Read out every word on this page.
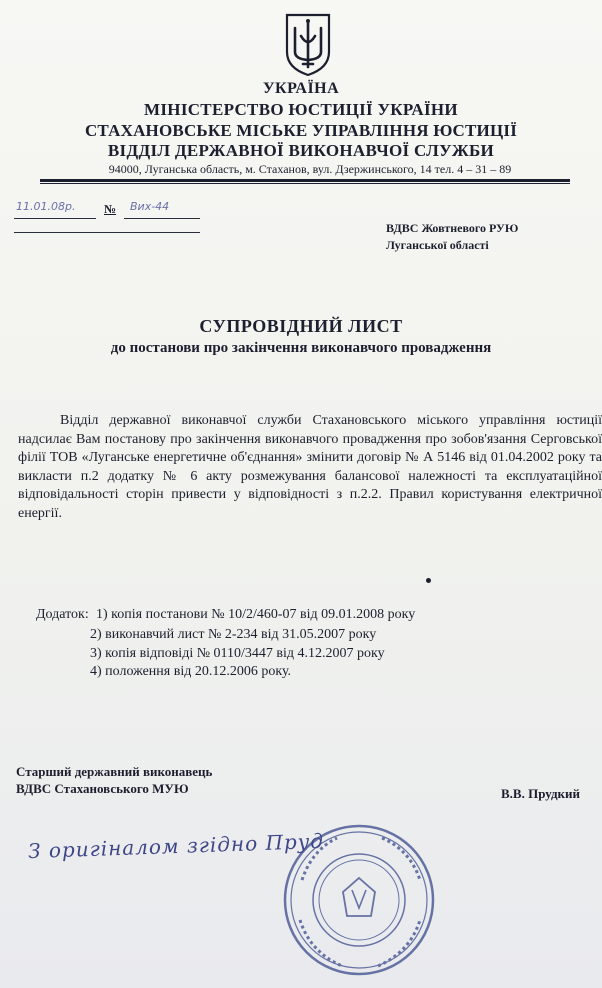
УКРАЇНА
МІНІСТЕРСТВО ЮСТИЦІЇ УКРАЇНИ
СТАХАНОВСЬКЕ МІСЬКЕ УПРАВЛІННЯ ЮСТИЦІЇ
ВІДДІЛ ДЕРЖАВНОЇ ВИКОНАВЧОЇ СЛУЖБИ
94000, Луганська область, м. Стаханов, вул. Дзержинського, 14 тел. 4 – 31 – 89
11.01.08р. № Вих-44
ВДВС Жовтневого РУЮ
Луганської області
СУПРОВІДНИЙ ЛИСТ
до постанови про закінчення виконавчого провадження
Відділ державної виконавчої служби Стахановського міського управління юстиції надсилає Вам постанову про закінчення виконавчого провадження про зобов'язання Серговської філії ТОВ «Луганське енергетичне об'єднання» змінити договір № А 5146 від 01.04.2002 року та викласти п.2 додатку № 6 акту розмежування балансової належності та експлуатаційної відповідальності сторін привести у відповідності з п.2.2. Правил користування електричної енергії.
Додаток: 1) копія постанови № 10/2/460-07 від 09.01.2008 року
2) виконавчий лист № 2-234 від 31.05.2007 року
3) копія відповіді № 0110/3447 від 4.12.2007 року
4) положення від 20.12.2006 року.
Старший державний виконавець
ВДВС Стахановського МУЮ	В.В. Прудкий
З оригіналом згідно Пруд
